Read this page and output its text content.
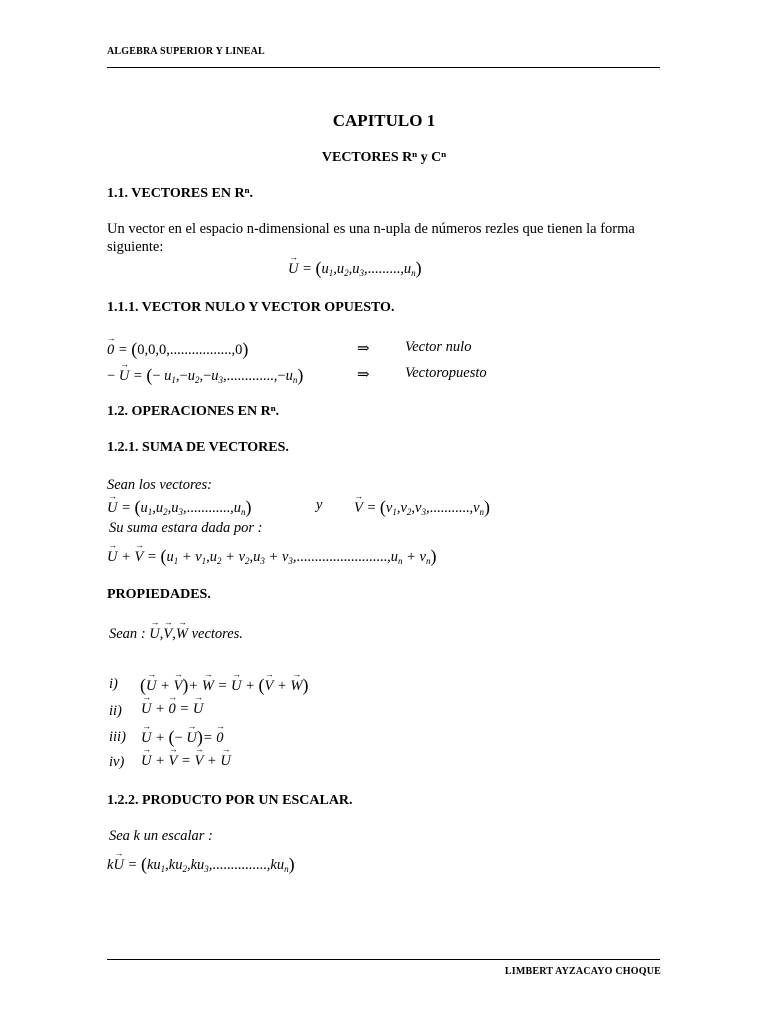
ALGEBRA SUPERIOR Y LINEAL
CAPITULO 1
VECTORES Rⁿ y Cⁿ
1.1. VECTORES EN Rⁿ.
Un vector en el espacio n-dimensional es una n-upla de números rezles que tienen la forma siguiente:
→ $U = (u_1,u_2,u_3,.........,u_n)$
1.1.1. VECTOR NULO Y VECTOR OPUESTO.
→ 0 = (0,0,0,.................,0)	⇒ Vector nulo
− → U = (− $u_1,-u_2,-u_3,.............,-u_n$)	⇒ Vectoropuesto
1.2. OPERACIONES EN Rⁿ.
1.2.1. SUMA DE VECTORES.
Sean los vectores:
→ $U = (u_1,u_2,u_3,............,u_n)$	y
→ $V = (v_1,v_2,v_3,...........,v_n)$
Su suma estara dada por :
→ U + → $V = (u_1 + v_1,u_2 + v_2,u_3 + v_3,.........................,u_n + v_n)$
PROPIEDADES.
Sean : → U,→ V,→ W vectores.
i) (→ U + → V)+ → W = → U + (→ V + → W)
ii)
→ U + → 0 = → U
iii)
→ U + (− → U)= → 0
iv)
→ U + → V = → V + → U
1.2.2. PRODUCTO POR UN ESCALAR.
Sea k un escalar :
$k\to U = (ku_1,ku_2,ku_3,...............,ku_n)$
LIMBERT AYZACAYO CHOQUE
